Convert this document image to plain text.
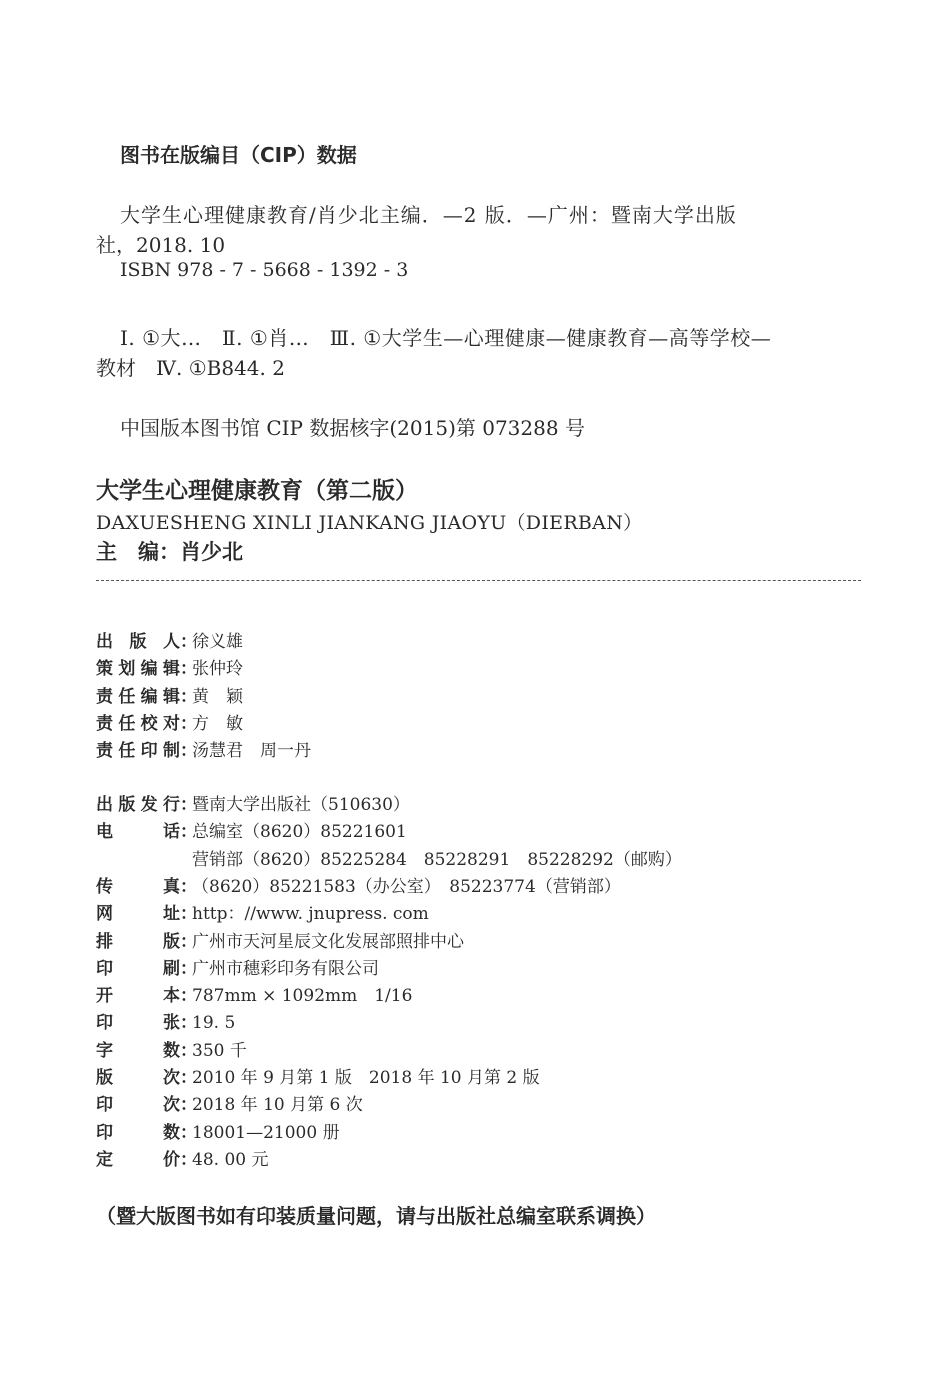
图书在版编目（CIP）数据
大学生心理健康教育/肖少北主编．—2 版．—广州：暨南大学出版
社，2018. 10
ISBN 978 - 7 - 5668 - 1392 - 3
Ⅰ. ①大…　Ⅱ. ①肖…　Ⅲ. ①大学生—心理健康—健康教育—高等学校—
教材　Ⅳ. ①B844. 2
中国版本图书馆 CIP 数据核字(2015)第 073288 号
大学生心理健康教育（第二版）
DAXUESHENG XINLI JIANKANG JIAOYU（DIERBAN）
主　编：肖少北
出 版 人 ：
徐义雄
策 划 编 辑 ：
张仲玲
责 任 编 辑 ：
黄　颖
责 任 校 对 ：
方　敏
责 任 印 制 ：
汤慧君　周一丹
出 版 发 行 ：
暨南大学出版社（510630）
电	话 ：
总编室（8620）85221601
营销部（8620）85225284　85228291　85228292（邮购）
传	真 ：
（8620）85221583（办公室）　85223774（营销部）
网	址 ：
http：//www. jnupress. com
排	版 ：
广州市天河星辰文化发展部照排中心
印	刷 ：
广州市穗彩印务有限公司
开	本 ：
787mm × 1092mm　1/16
印	张 ：
19. 5
字	数 ：
350 千
版	次 ：
2010 年 9 月第 1 版　2018 年 10 月第 2 版
印	次 ：
2018 年 10 月第 6 次
印	数 ：
18001—21000 册
定	价 ：
48. 00 元
（暨大版图书如有印装质量问题，请与出版社总编室联系调换）
